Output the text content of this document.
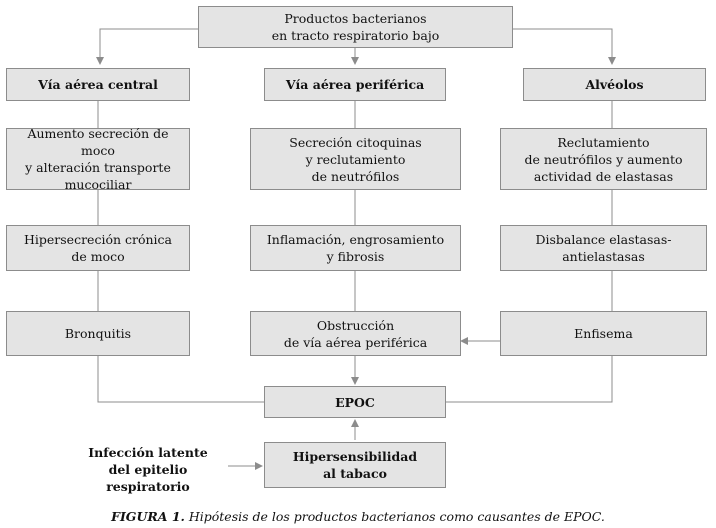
Productos bacterianos
en tracto respiratorio bajo
Vía aérea central	Vía aérea periférica	Alvéolos
Aumento secreción de moco
y alteración transporte
mucociliar
Secreción citoquinas
y reclutamiento
de neutrófilos
Reclutamiento
de neutrófilos y aumento
actividad de elastasas
Hipersecreción crónica
de moco
Inflamación, engrosamiento
y fibrosis
Disbalance elastasas-
antielastasas
Bronquitis
Obstrucción
de vía aérea periférica
Enfisema
EPOC
Hipersensibilidad
al tabaco
Infección latente
del epitelio respiratorio
FIGURA 1. Hipótesis de los productos bacterianos como causantes de EPOC.
